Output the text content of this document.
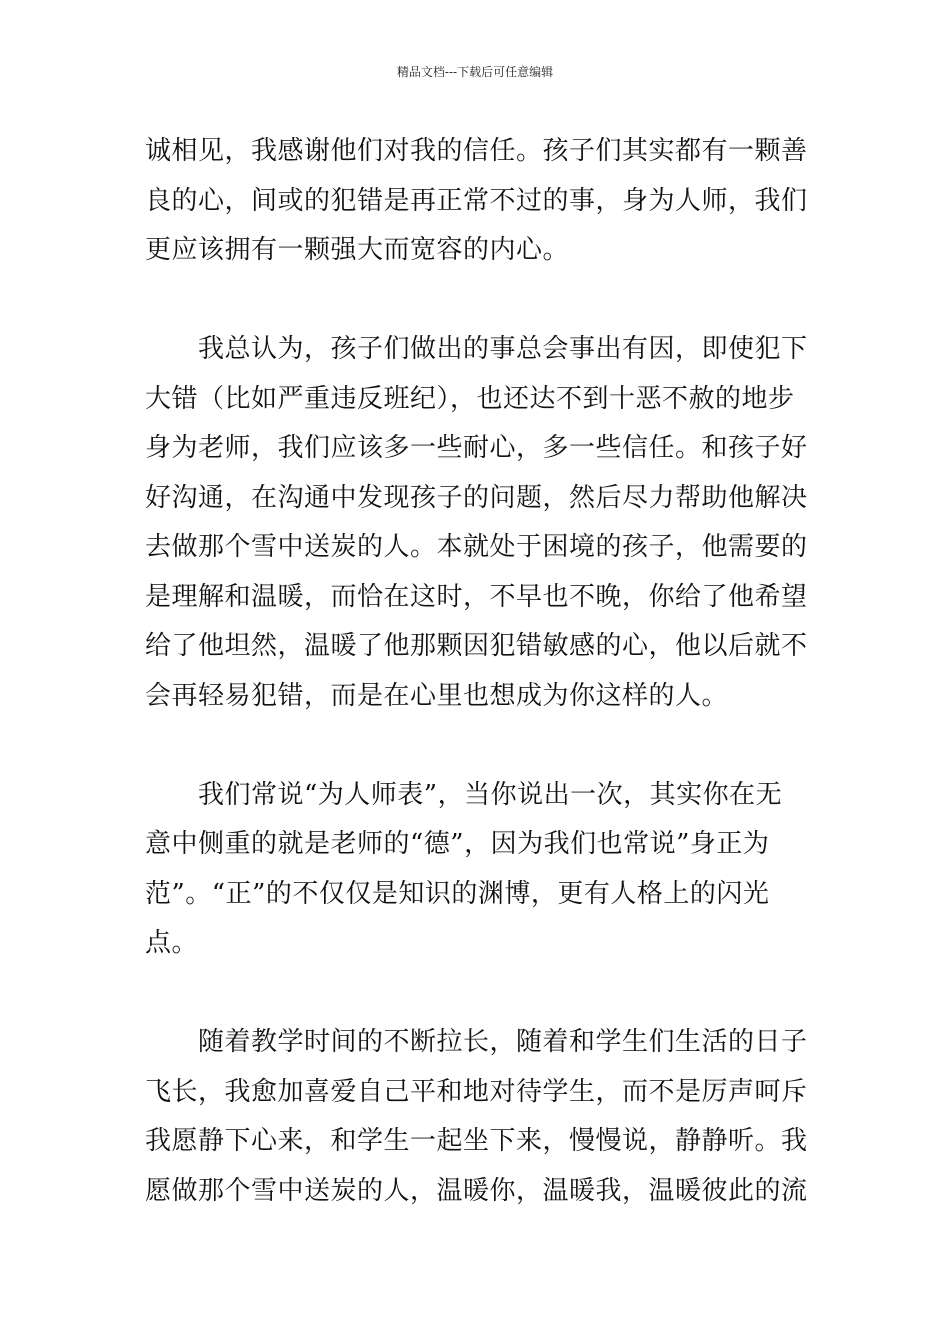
精品文档---下载后可任意编辑

诚相见，我感谢他们对我的信任。孩子们其实都有一颗善
良的心，间或的犯错是再正常不过的事，身为人师，我们
更应该拥有一颗强大而宽容的内心。

　　我总认为，孩子们做出的事总会事出有因，即使犯下
大错（比如严重违反班纪），也还达不到十恶不赦的地步
身为老师，我们应该多一些耐心，多一些信任。和孩子好
好沟通，在沟通中发现孩子的问题，然后尽力帮助他解决
去做那个雪中送炭的人。本就处于困境的孩子，他需要的
是理解和温暖，而恰在这时，不早也不晚，你给了他希望
给了他坦然，温暖了他那颗因犯错敏感的心，他以后就不
会再轻易犯错，而是在心里也想成为你这样的人。

　　我们常说“为人师表”，当你说出一次，其实你在无
意中侧重的就是老师的“德”，因为我们也常说”身正为
范”。“正”的不仅仅是知识的渊博，更有人格上的闪光
点。

　　随着教学时间的不断拉长，随着和学生们生活的日子
飞长，我愈加喜爱自己平和地对待学生，而不是厉声呵斥
我愿静下心来，和学生一起坐下来，慢慢说，静静听。我
愿做那个雪中送炭的人，温暖你，温暖我，温暖彼此的流
